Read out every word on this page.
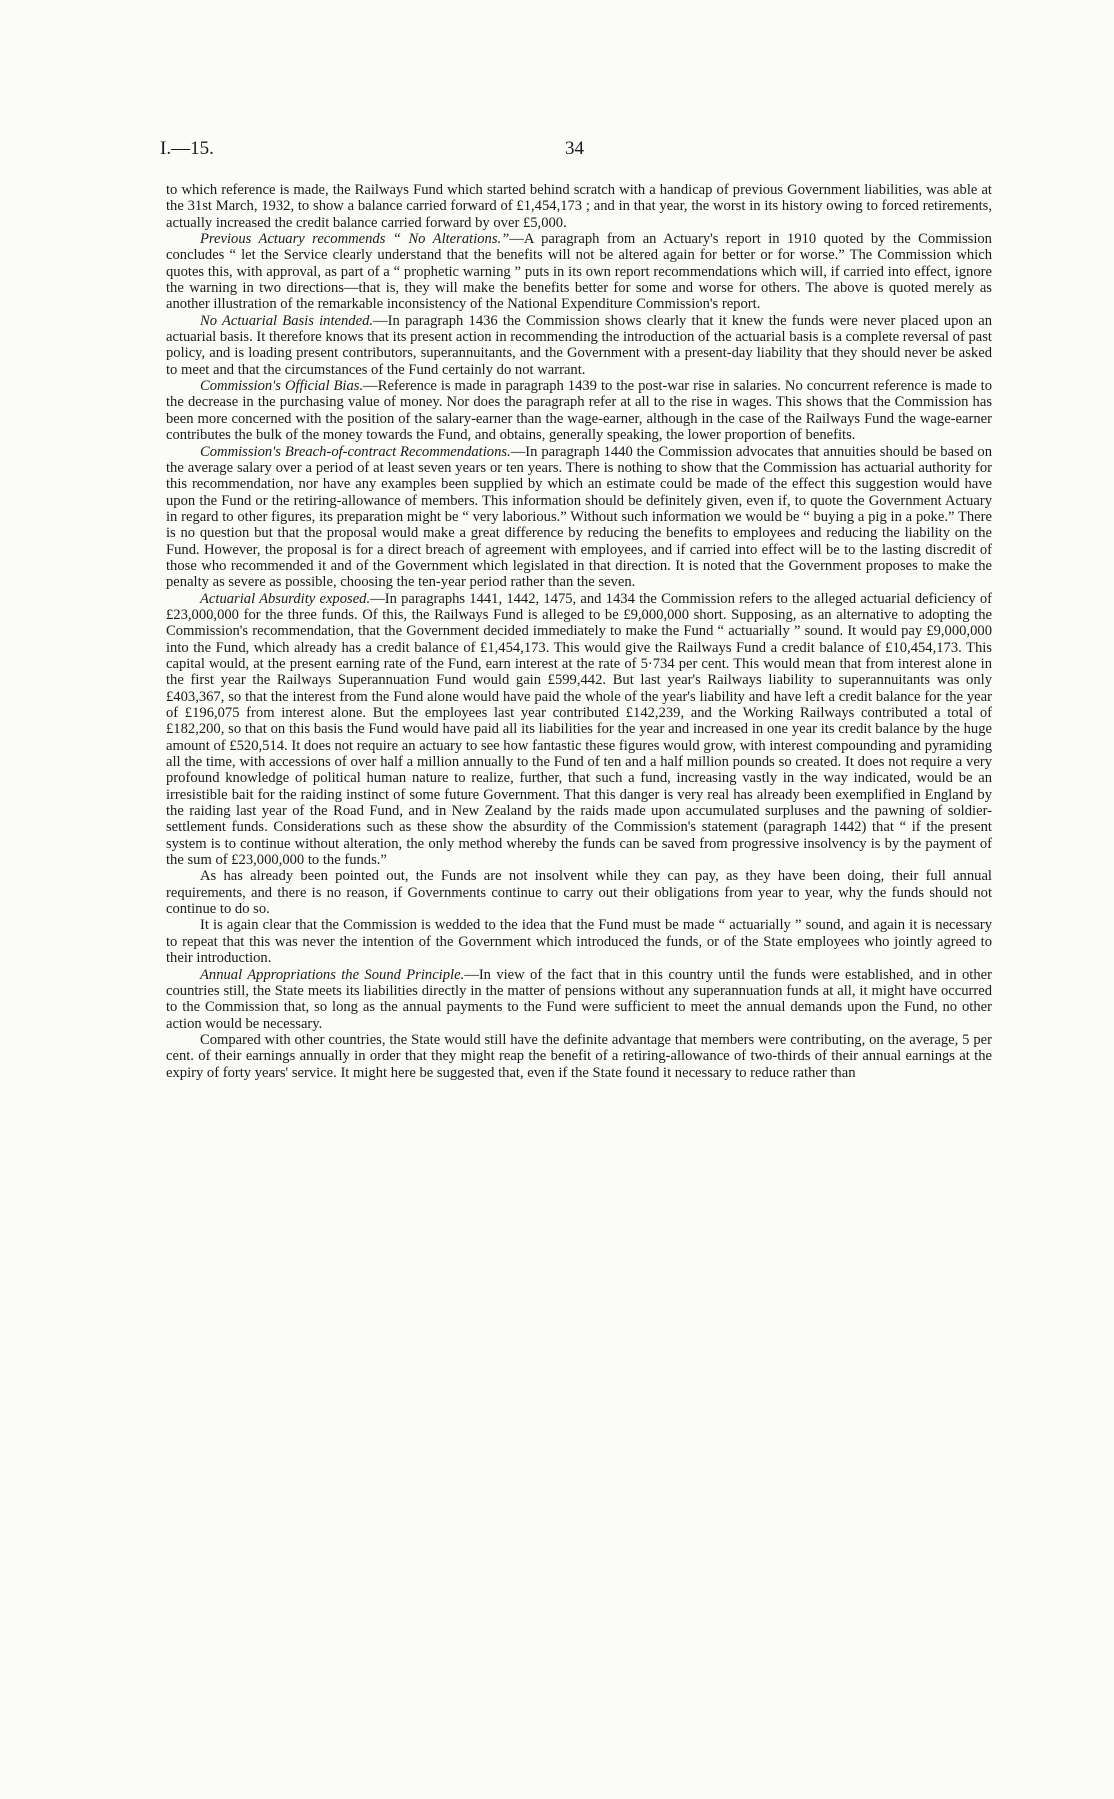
I.—15.	34

to which reference is made, the Railways Fund which started behind scratch with a handicap of previous Government liabilities, was able at the 31st March, 1932, to show a balance carried forward of £1,454,173 ; and in that year, the worst in its history owing to forced retirements, actually increased the credit balance carried forward by over £5,000.

Previous Actuary recommends “ No Alterations.”—A paragraph from an Actuary's report in 1910 quoted by the Commission concludes “ let the Service clearly understand that the benefits will not be altered again for better or for worse.” The Commission which quotes this, with approval, as part of a “ prophetic warning ” puts in its own report recommendations which will, if carried into effect, ignore the warning in two directions—that is, they will make the benefits better for some and worse for others. The above is quoted merely as another illustration of the remarkable inconsistency of the National Expenditure Commission's report.

No Actuarial Basis intended.—In paragraph 1436 the Commission shows clearly that it knew the funds were never placed upon an actuarial basis. It therefore knows that its present action in recommending the introduction of the actuarial basis is a complete reversal of past policy, and is loading present contributors, superannuitants, and the Government with a present-day liability that they should never be asked to meet and that the circumstances of the Fund certainly do not warrant.

Commission's Official Bias.—Reference is made in paragraph 1439 to the post-war rise in salaries. No concurrent reference is made to the decrease in the purchasing value of money. Nor does the paragraph refer at all to the rise in wages. This shows that the Commission has been more concerned with the position of the salary-earner than the wage-earner, although in the case of the Railways Fund the wage-earner contributes the bulk of the money towards the Fund, and obtains, generally speaking, the lower proportion of benefits.

Commission's Breach-of-contract Recommendations.—In paragraph 1440 the Commission advocates that annuities should be based on the average salary over a period of at least seven years or ten years. There is nothing to show that the Commission has actuarial authority for this recommendation, nor have any examples been supplied by which an estimate could be made of the effect this suggestion would have upon the Fund or the retiring-allowance of members. This information should be definitely given, even if, to quote the Government Actuary in regard to other figures, its preparation might be “ very laborious.” Without such information we would be “ buying a pig in a poke.” There is no question but that the proposal would make a great difference by reducing the benefits to employees and reducing the liability on the Fund. However, the proposal is for a direct breach of agreement with employees, and if carried into effect will be to the lasting discredit of those who recommended it and of the Government which legislated in that direction. It is noted that the Government proposes to make the penalty as severe as possible, choosing the ten-year period rather than the seven.

Actuarial Absurdity exposed.—In paragraphs 1441, 1442, 1475, and 1434 the Commission refers to the alleged actuarial deficiency of £23,000,000 for the three funds. Of this, the Railways Fund is alleged to be £9,000,000 short. Supposing, as an alternative to adopting the Commission's recommendation, that the Government decided immediately to make the Fund “ actuarially ” sound. It would pay £9,000,000 into the Fund, which already has a credit balance of £1,454,173. This would give the Railways Fund a credit balance of £10,454,173. This capital would, at the present earning rate of the Fund, earn interest at the rate of 5·734 per cent. This would mean that from interest alone in the first year the Railways Superannuation Fund would gain £599,442. But last year's Railways liability to superannuitants was only £403,367, so that the interest from the Fund alone would have paid the whole of the year's liability and have left a credit balance for the year of £196,075 from interest alone. But the employees last year contributed £142,239, and the Working Railways contributed a total of £182,200, so that on this basis the Fund would have paid all its liabilities for the year and increased in one year its credit balance by the huge amount of £520,514. It does not require an actuary to see how fantastic these figures would grow, with interest compounding and pyramiding all the time, with accessions of over half a million annually to the Fund of ten and a half million pounds so created. It does not require a very profound knowledge of political human nature to realize, further, that such a fund, increasing vastly in the way indicated, would be an irresistible bait for the raiding instinct of some future Government. That this danger is very real has already been exemplified in England by the raiding last year of the Road Fund, and in New Zealand by the raids made upon accumulated surpluses and the pawning of soldier-settlement funds. Considerations such as these show the absurdity of the Commission's statement (paragraph 1442) that “ if the present system is to continue without alteration, the only method whereby the funds can be saved from progressive insolvency is by the payment of the sum of £23,000,000 to the funds.”

As has already been pointed out, the Funds are not insolvent while they can pay, as they have been doing, their full annual requirements, and there is no reason, if Governments continue to carry out their obligations from year to year, why the funds should not continue to do so.

It is again clear that the Commission is wedded to the idea that the Fund must be made “ actuarially ” sound, and again it is necessary to repeat that this was never the intention of the Government which introduced the funds, or of the State employees who jointly agreed to their introduction.

Annual Appropriations the Sound Principle.—In view of the fact that in this country until the funds were established, and in other countries still, the State meets its liabilities directly in the matter of pensions without any superannuation funds at all, it might have occurred to the Commission that, so long as the annual payments to the Fund were sufficient to meet the annual demands upon the Fund, no other action would be necessary.

Compared with other countries, the State would still have the definite advantage that members were contributing, on the average, 5 per cent. of their earnings annually in order that they might reap the benefit of a retiring-allowance of two-thirds of their annual earnings at the expiry of forty years' service. It might here be suggested that, even if the State found it necessary to reduce rather than
